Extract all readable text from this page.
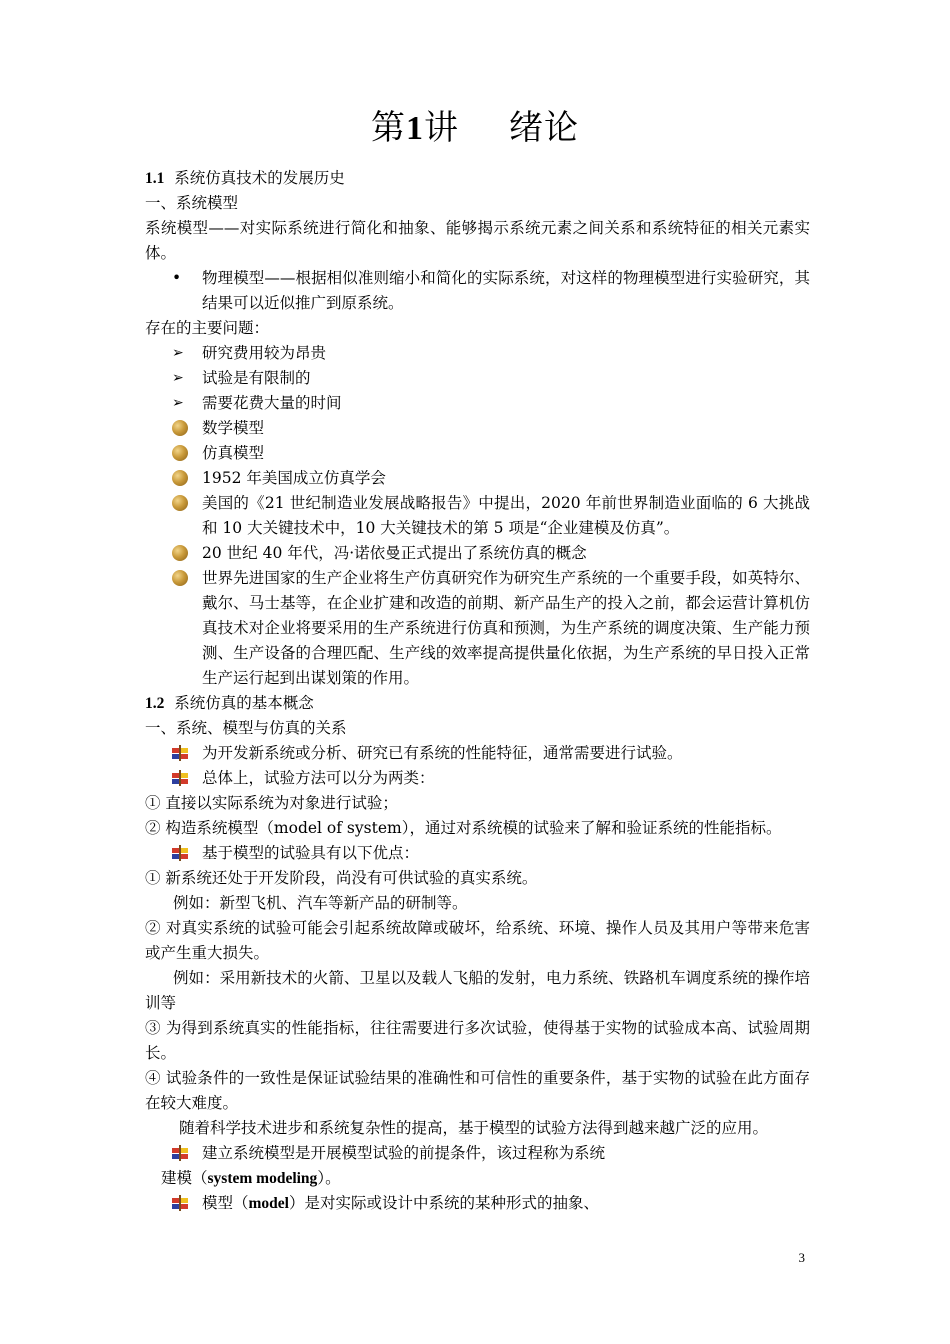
第1讲 绪论
1.1 系统仿真技术的发展历史
一、系统模型
系统模型——对实际系统进行简化和抽象、能够揭示系统元素之间关系和系统特征的相关元素实体。
•	物理模型——根据相似准则缩小和简化的实际系统，对这样的物理模型进行实验研究，其结果可以近似推广到原系统。
存在的主要问题：
➢	研究费用较为昂贵
➢	试验是有限制的
➢	需要花费大量的时间
数学模型
仿真模型
1952 年美国成立仿真学会
美国的《21 世纪制造业发展战略报告》中提出，2020 年前世界制造业面临的 6 大挑战和 10 大关键技术中，10 大关键技术的第 5 项是“企业建模及仿真”。
20 世纪 40 年代，冯·诺依曼正式提出了系统仿真的概念
世界先进国家的生产企业将生产仿真研究作为研究生产系统的一个重要手段，如英特尔、戴尔、马士基等，在企业扩建和改造的前期、新产品生产的投入之前，都会运营计算机仿真技术对企业将要采用的生产系统进行仿真和预测，为生产系统的调度决策、生产能力预测、生产设备的合理匹配、生产线的效率提高提供量化依据，为生产系统的早日投入正常生产运行起到出谋划策的作用。
1.2 系统仿真的基本概念
一、系统、模型与仿真的关系
为开发新系统或分析、研究已有系统的性能特征，通常需要进行试验。
总体上，试验方法可以分为两类：
① 直接以实际系统为对象进行试验；
② 构造系统模型（model of system），通过对系统模的试验来了解和验证系统的性能指标。
基于模型的试验具有以下优点：
① 新系统还处于开发阶段，尚没有可供试验的真实系统。
例如：新型飞机、汽车等新产品的研制等。
② 对真实系统的试验可能会引起系统故障或破坏，给系统、环境、操作人员及其用户等带来危害或产生重大损失。
例如：采用新技术的火箭、卫星以及载人飞船的发射，电力系统、铁路机车调度系统的操作培训等
③ 为得到系统真实的性能指标，往往需要进行多次试验，使得基于实物的试验成本高、试验周期长。
④ 试验条件的一致性是保证试验结果的准确性和可信性的重要条件，基于实物的试验在此方面存在较大难度。
随着科学技术进步和系统复杂性的提高，基于模型的试验方法得到越来越广泛的应用。
建立系统模型是开展模型试验的前提条件，该过程称为系统
建模（system modeling）。
模型（model）是对实际或设计中系统的某种形式的抽象、
3
